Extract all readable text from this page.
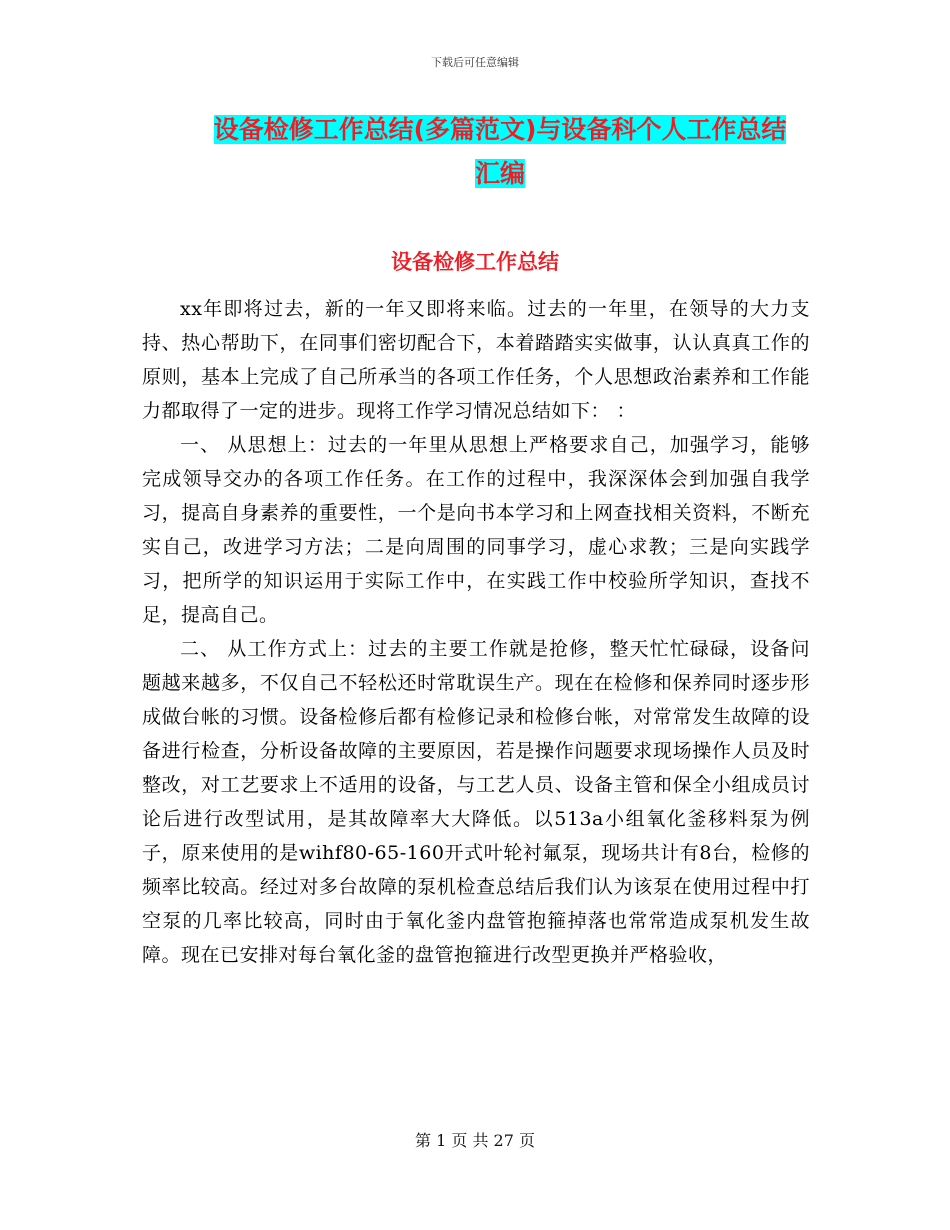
下载后可任意编辑
设备检修工作总结(多篇范文)与设备科个人工作总结
汇编
设备检修工作总结

xx年即将过去，新的一年又即将来临。过去的一年里，在领导的大力支持、热心帮助下，在同事们密切配合下，本着踏踏实实做事，认认真真工作的原则，基本上完成了自己所承当的各项工作任务，个人思想政治素养和工作能力都取得了一定的进步。现将工作学习情况总结如下： ：

一、 从思想上：过去的一年里从思想上严格要求自己，加强学习，能够完成领导交办的各项工作任务。在工作的过程中，我深深体会到加强自我学习，提高自身素养的重要性，一个是向书本学习和上网查找相关资料，不断充实自己，改进学习方法；二是向周围的同事学习，虚心求教；三是向实践学习，把所学的知识运用于实际工作中，在实践工作中校验所学知识，查找不足，提高自己。

二、 从工作方式上：过去的主要工作就是抢修，整天忙忙碌碌，设备问题越来越多，不仅自己不轻松还时常耽误生产。现在在检修和保养同时逐步形成做台帐的习惯。设备检修后都有检修记录和检修台帐，对常常发生故障的设备进行检查，分析设备故障的主要原因，若是操作问题要求现场操作人员及时整改，对工艺要求上不适用的设备，与工艺人员、设备主管和保全小组成员讨论后进行改型试用，是其故障率大大降低。以513a小组氧化釜移料泵为例子，原来使用的是wihf80-65-160开式叶轮衬氟泵，现场共计有8台，检修的频率比较高。经过对多台故障的泵机检查总结后我们认为该泵在使用过程中打空泵的几率比较高，同时由于氧化釜内盘管抱箍掉落也常常造成泵机发生故障。现在已安排对每台氧化釜的盘管抱箍进行改型更换并严格验收，

第 1 页 共 27 页
